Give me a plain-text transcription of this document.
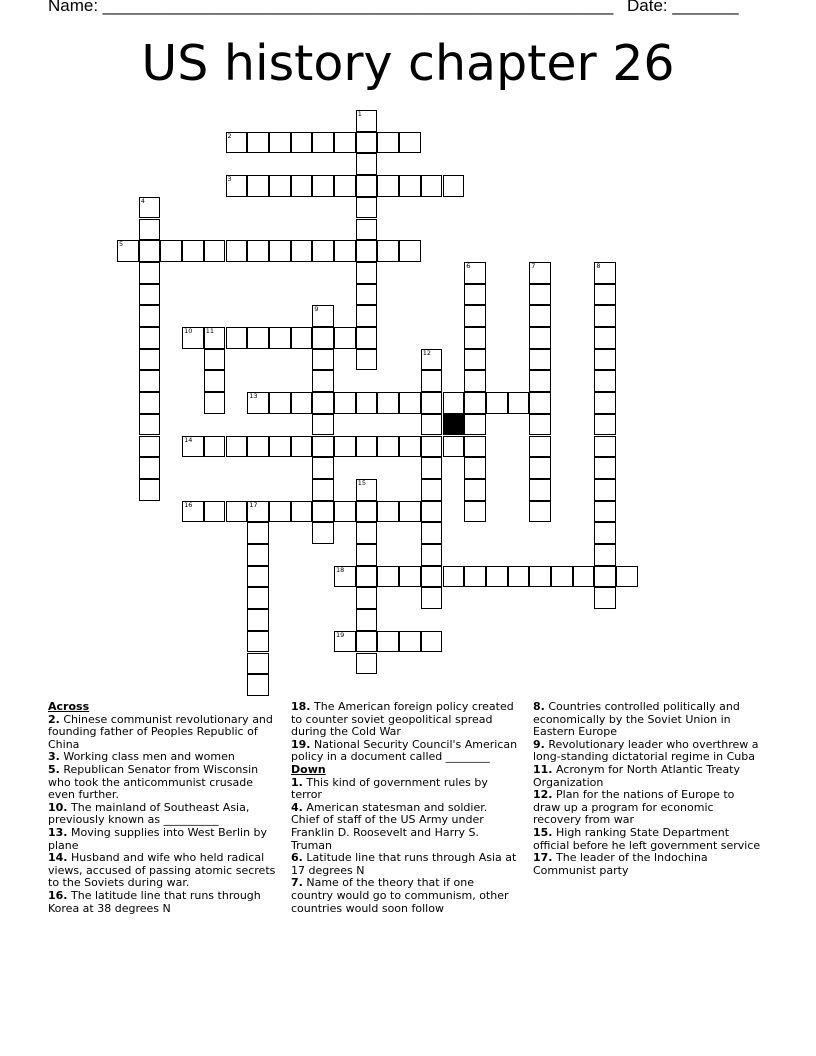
Name: ______________________________________________________ Date: _______
US history chapter 26
1
2
3
4
5
6	7	8
9
10 11
12
13
14
15
16	17
18
19
Across
2. Chinese communist revolutionary and founding father of Peoples Republic of China
3. Working class men and women
5. Republican Senator from Wisconsin who took the anticommunist crusade even further.
10. The mainland of Southeast Asia, previously known as __________
13. Moving supplies into West Berlin by plane
14. Husband and wife who held radical views, accused of passing atomic secrets to the Soviets during war.
16. The latitude line that runs through Korea at 38 degrees N
18. The American foreign policy created to counter soviet geopolitical spread during the Cold War
19. National Security Council's American policy in a document called ________
Down
1. This kind of government rules by terror
4. American statesman and soldier. Chief of staff of the US Army under Franklin D. Roosevelt and Harry S. Truman
6. Latitude line that runs through Asia at 17 degrees N
7. Name of the theory that if one country would go to communism, other countries would soon follow
8. Countries controlled politically and economically by the Soviet Union in Eastern Europe
9. Revolutionary leader who overthrew a long-standing dictatorial regime in Cuba
11. Acronym for North Atlantic Treaty Organization
12. Plan for the nations of Europe to draw up a program for economic recovery from war
15. High ranking State Department official before he left government service
17. The leader of the Indochina Communist party
